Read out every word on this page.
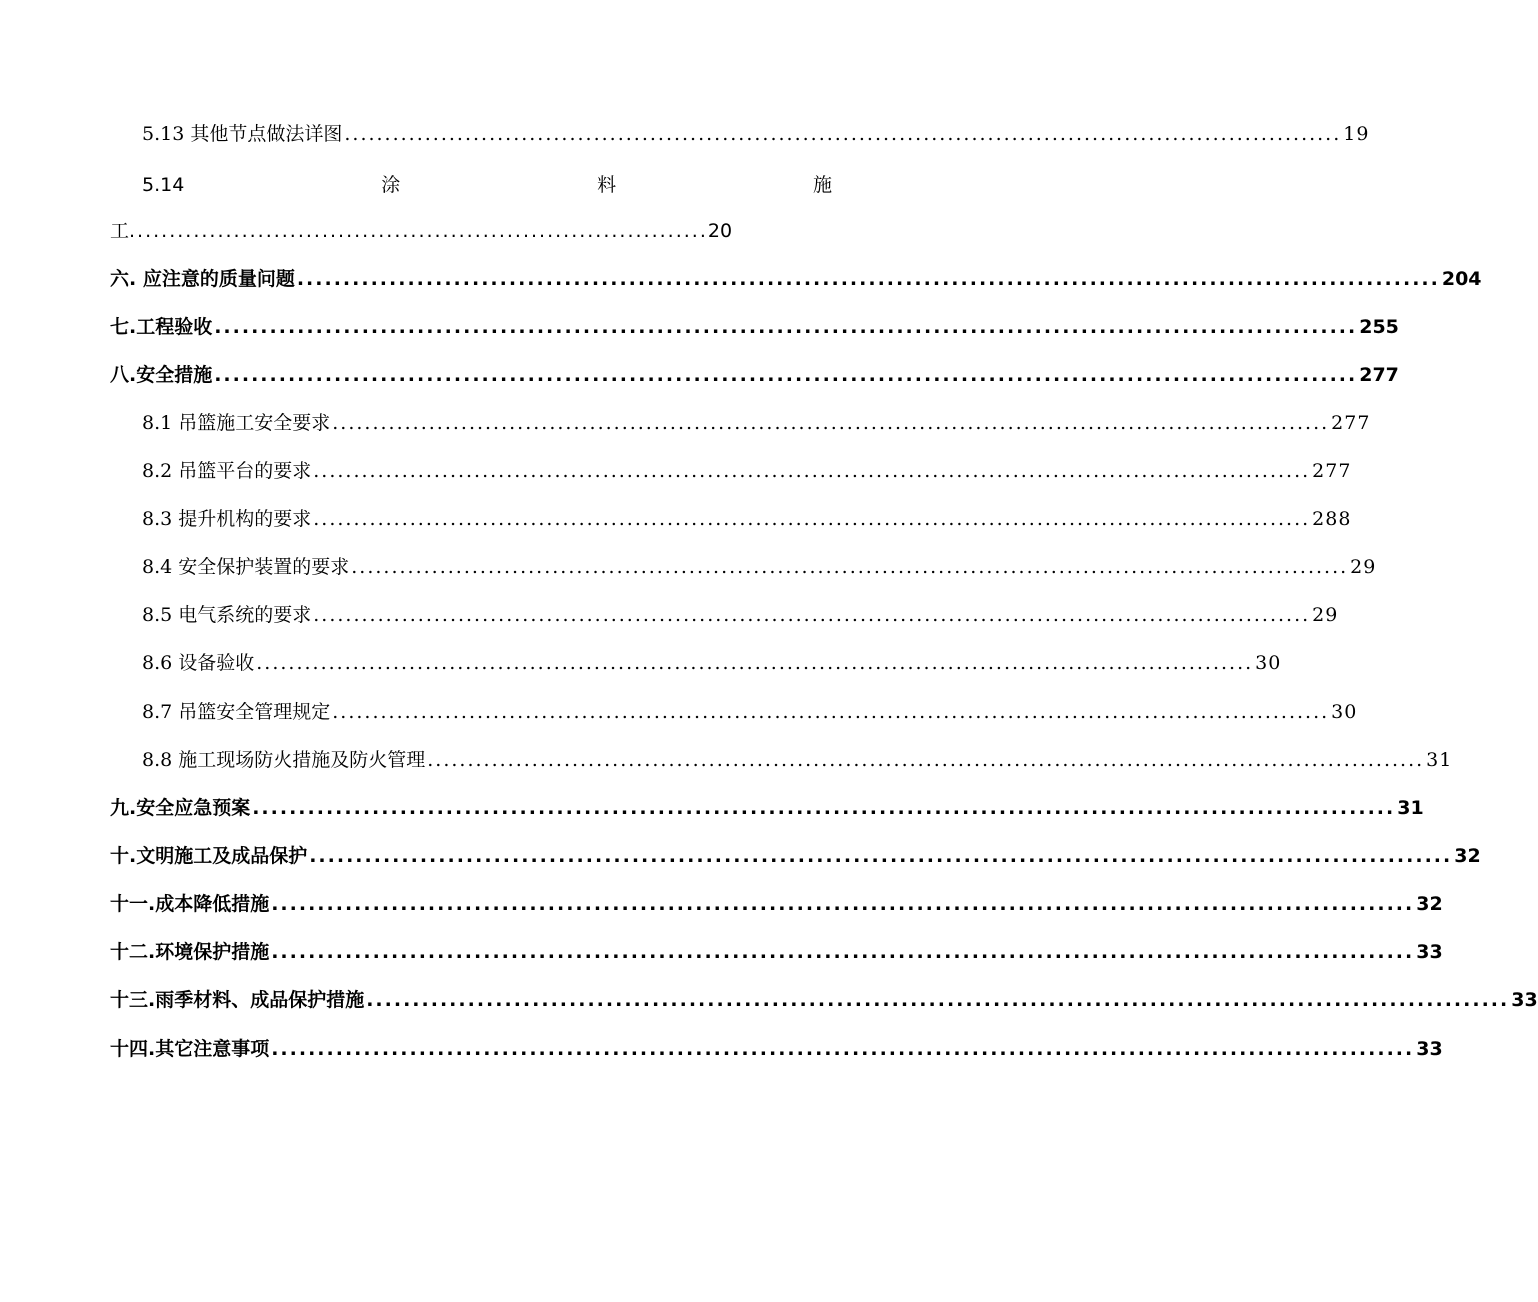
5.13 其他节点做法详图 ............................................................................................................................ 19
5.14	涂	料	施
工........................................................................20
六. 应注意的质量问题 ............................................................................................................................ 204
七.工程验收 ............................................................................................................................ 255
八.安全措施 ............................................................................................................................ 277
8.1 吊篮施工安全要求 ............................................................................................................................ 277
8.2 吊篮平台的要求 ............................................................................................................................ 277
8.3 提升机构的要求 ............................................................................................................................ 288
8.4 安全保护装置的要求 ............................................................................................................................ 29
8.5 电气系统的要求 ............................................................................................................................ 29
8.6 设备验收 ............................................................................................................................ 30
8.7 吊篮安全管理规定 ............................................................................................................................ 30
8.8 施工现场防火措施及防火管理 ............................................................................................................................ 31
九.安全应急预案 ............................................................................................................................ 31
十.文明施工及成品保护 ............................................................................................................................ 32
十一.成本降低措施 ............................................................................................................................ 32
十二.环境保护措施 ............................................................................................................................ 33
十三.雨季材料、成品保护措施 ............................................................................................................................ 33
十四.其它注意事项 ............................................................................................................................ 33
